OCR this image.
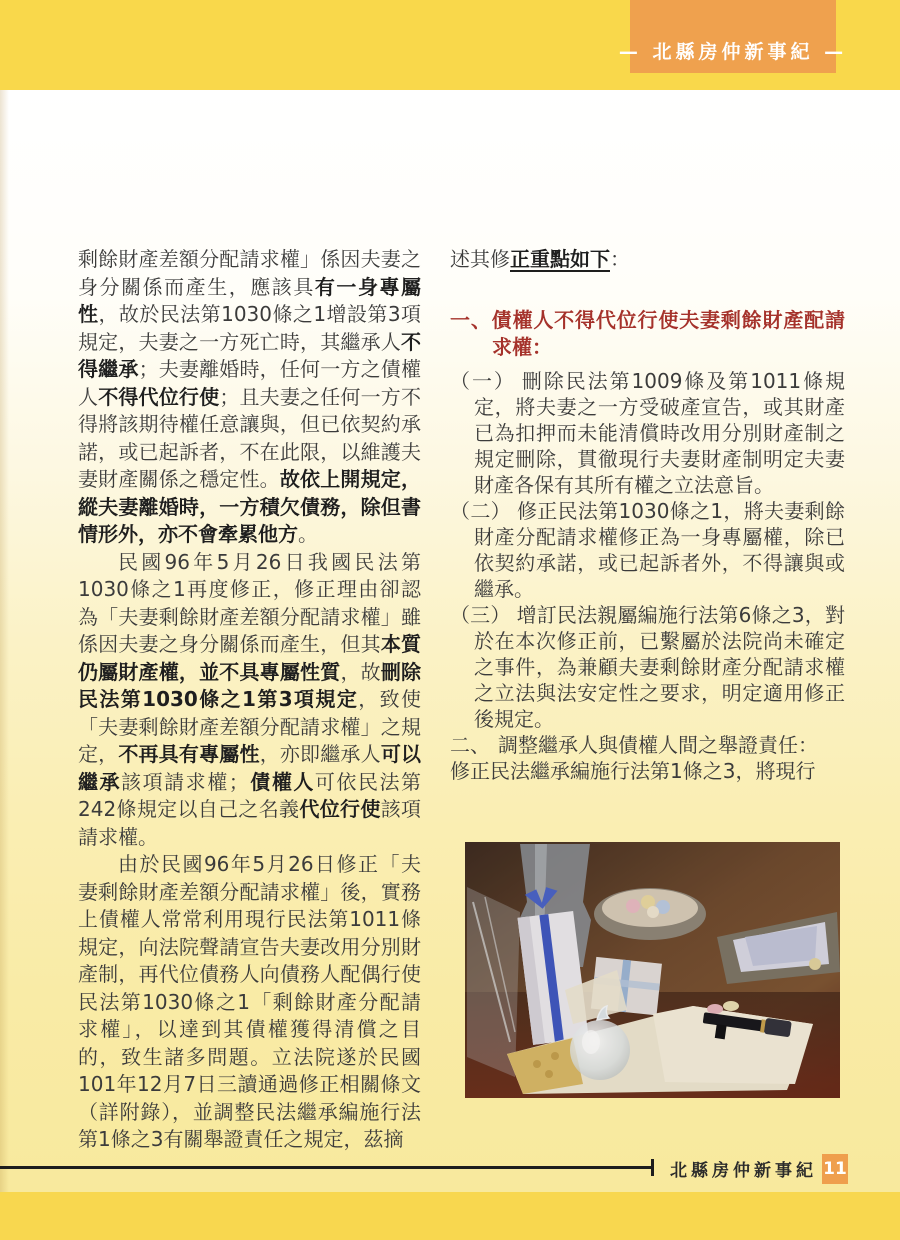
— 北縣房仲新事紀 —

剩餘財產差額分配請求權」係因夫妻之身分關係而產生，應該具有一身專屬性，故於民法第1030條之1增設第3項規定，夫妻之一方死亡時，其繼承人不得繼承；夫妻離婚時，任何一方之債權人不得代位行使；且夫妻之任何一方不得將該期待權任意讓與，但已依契約承諾，或已起訴者，不在此限，以維護夫妻財產關係之穩定性。故依上開規定，縱夫妻離婚時，一方積欠債務，除但書情形外，亦不會牽累他方。

民國96年5月26日我國民法第1030條之1再度修正，修正理由卻認為「夫妻剩餘財產差額分配請求權」雖係因夫妻之身分關係而產生，但其本質仍屬財產權，並不具專屬性質，故刪除民法第1030條之1第3項規定，致使「夫妻剩餘財產差額分配請求權」之規定，不再具有專屬性，亦即繼承人可以繼承該項請求權；債權人可依民法第242條規定以自己之名義代位行使該項請求權。

由於民國96年5月26日修正「夫妻剩餘財產差額分配請求權」後，實務上債權人常常利用現行民法第1011條規定，向法院聲請宣告夫妻改用分別財產制，再代位債務人向債務人配偶行使民法第1030條之1「剩餘財產分配請求權」，以達到其債權獲得清償之目的，致生諸多問題。立法院遂於民國101年12月7日三讀通過修正相關條文（詳附錄），並調整民法繼承編施行法第1條之3有關舉證責任之規定，茲摘

述其修正重點如下：

一、債權人不得代位行使夫妻剩餘財產配請求權：

（一） 刪除民法第1009條及第1011條規定，將夫妻之一方受破產宣告，或其財產已為扣押而未能清償時改用分別財產制之規定刪除，貫徹現行夫妻財產制明定夫妻財產各保有其所有權之立法意旨。

（二） 修正民法第1030條之1，將夫妻剩餘財產分配請求權修正為一身專屬權，除已依契約承諾，或已起訴者外，不得讓與或繼承。

（三） 增訂民法親屬編施行法第6條之3，對於在本次修正前，已繫屬於法院尚未確定之事件，為兼顧夫妻剩餘財產分配請求權之立法與法安定性之要求，明定適用修正後規定。

二、 調整繼承人與債權人間之舉證責任：

修正民法繼承編施行法第1條之3，將現行

北縣房仲新事紀 11
